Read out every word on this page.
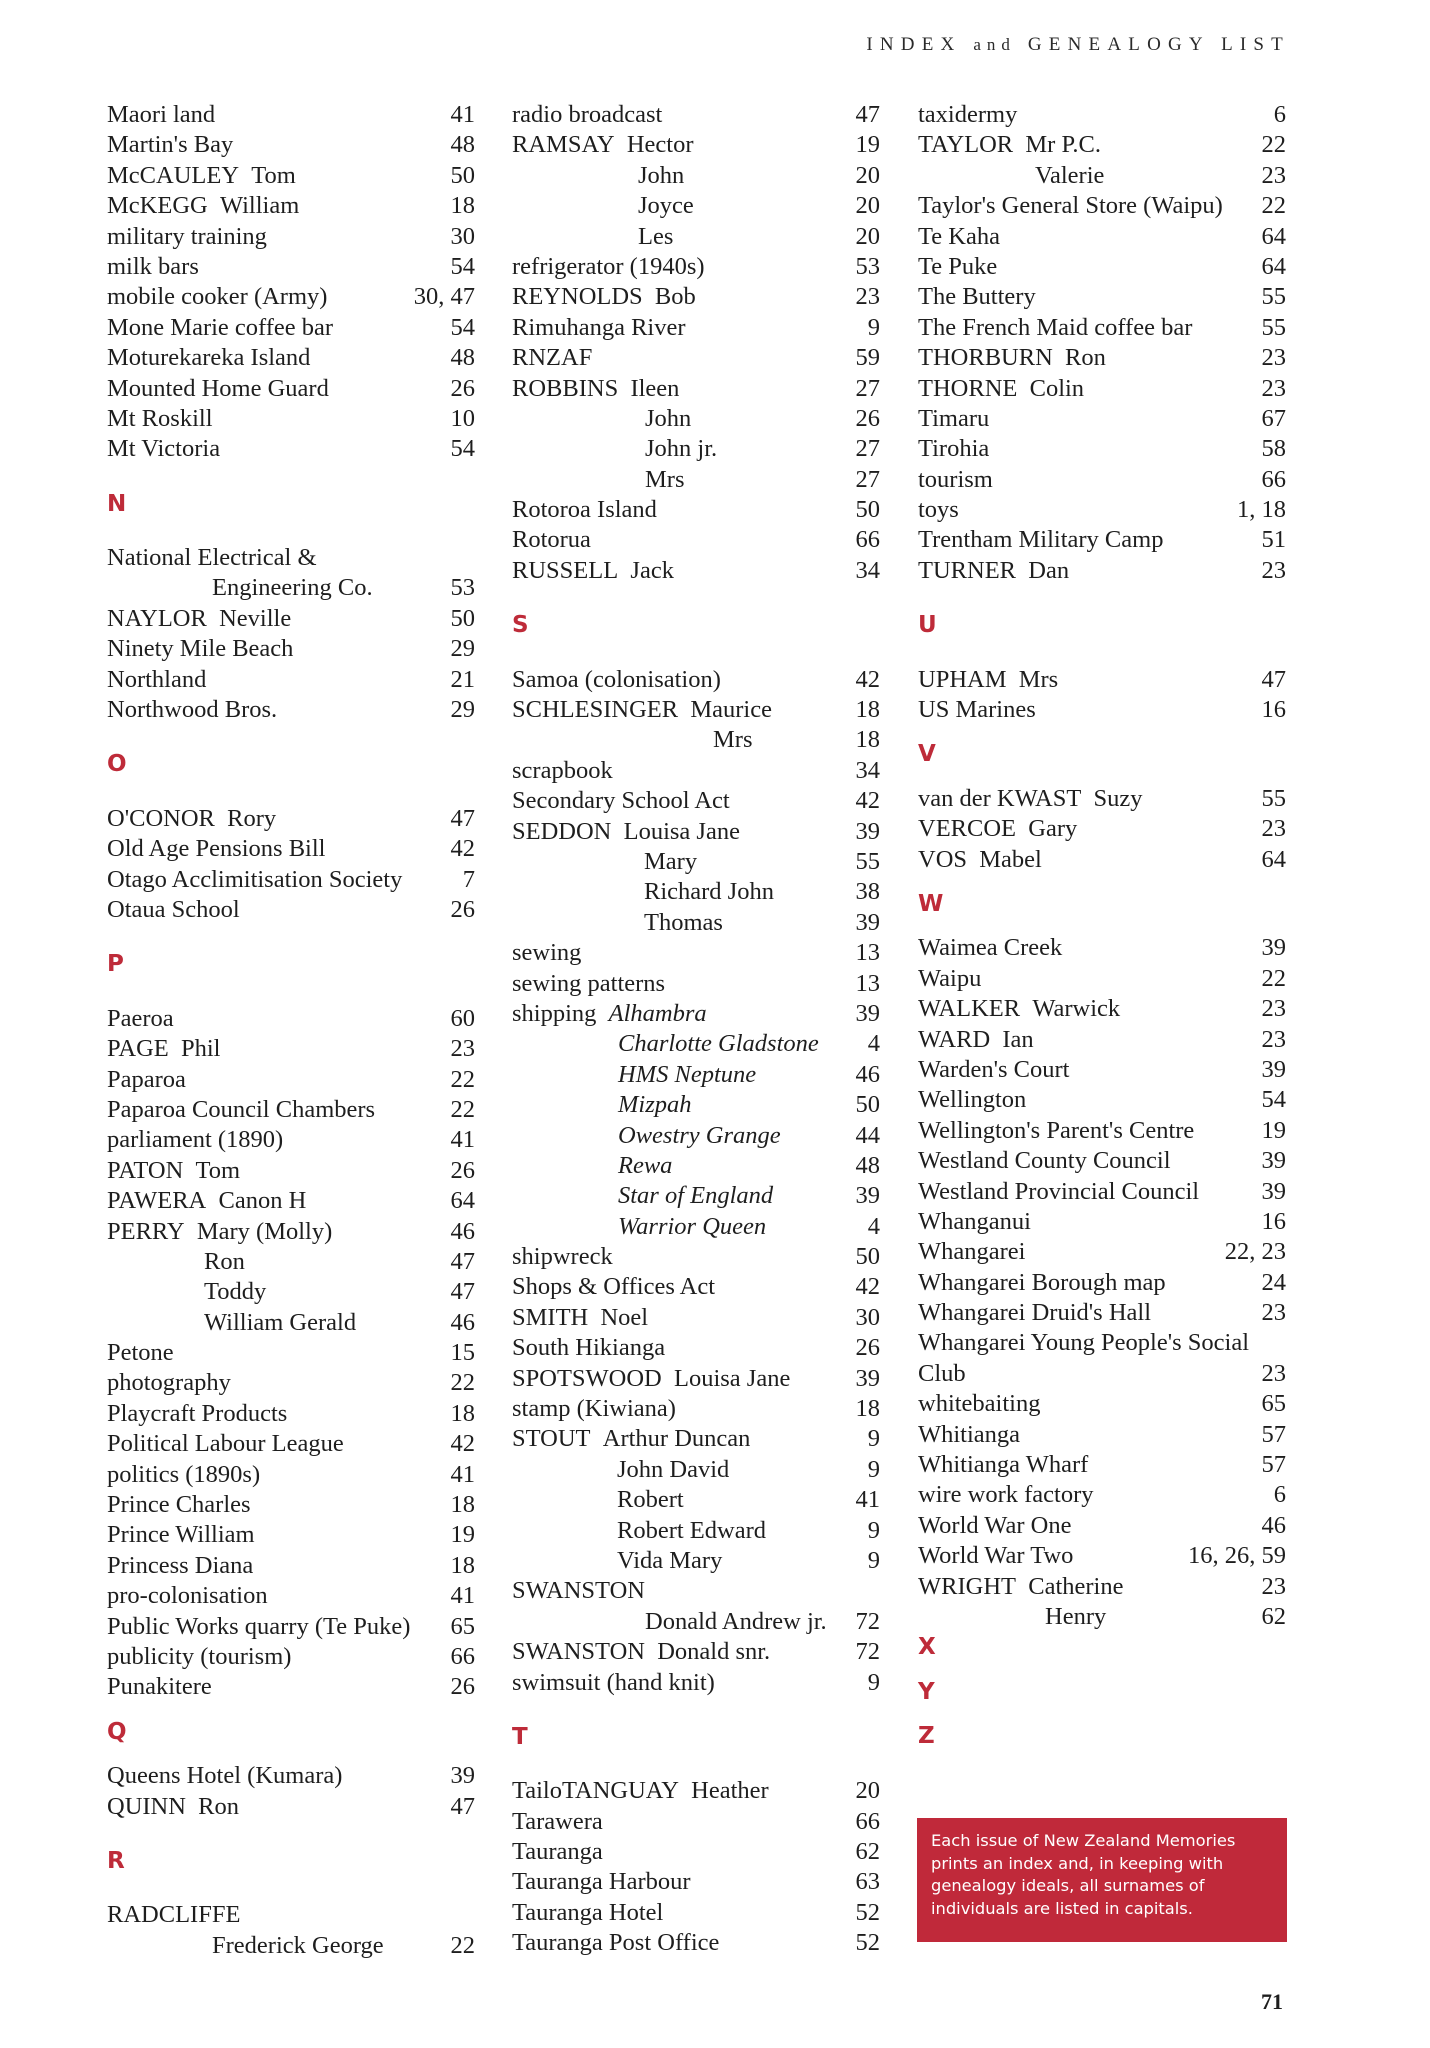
INDEX and GENEALOGY LIST
Maori land	41
Martin's Bay	48
McCAULEY  Tom	50
McKEGG  William	18
military training	30
milk bars	54
mobile cooker (Army)	30, 47
Mone Marie coffee bar	54
Moturekareka Island	48
Mounted Home Guard	26
Mt Roskill	10
Mt Victoria	54
N
National Electrical &
Engineering Co.	53
NAYLOR  Neville	50
Ninety Mile Beach	29
Northland	21
Northwood Bros.	29
O
O'CONOR  Rory	47
Old Age Pensions Bill	42
Otago Acclimitisation Society 7
Otaua School	26
P
Paeroa	60
PAGE  Phil	23
Paparoa	22
Paparoa Council Chambers	22
parliament (1890)	41
PATON  Tom	26
PAWERA  Canon H	64
PERRY  Mary (Molly)	46
Ron	47
Toddy	47
William Gerald	46
Petone	15
photography	22
Playcraft Products	18
Political Labour League	42
politics (1890s)	41
Prince Charles	18
Prince William	19
Princess Diana	18
pro-colonisation	41
Public Works quarry (Te Puke) 65
publicity (tourism)	66
Punakitere	26
Q
Queens Hotel (Kumara)	39
QUINN  Ron	47
R
RADCLIFFE
Frederick George	22
radio broadcast	47
RAMSAY  Hector	19
John	20
Joyce	20
Les	20
refrigerator (1940s)	53
REYNOLDS  Bob	23
Rimuhanga River	9
RNZAF	59
ROBBINS  Ileen	27
John	26
John jr.	27
Mrs	27
Rotoroa Island	50
Rotorua	66
RUSSELL  Jack	34
S
Samoa (colonisation)	42
SCHLESINGER  Maurice	18
Mrs	18
scrapbook	34
Secondary School Act	42
SEDDON  Louisa Jane	39
Mary	55
Richard John	38
Thomas	39
sewing	13
sewing patterns	13
shipping Alhambra	39
Charlotte Gladstone 4
HMS Neptune	46
Mizpah	50
Owestry Grange	44
Rewa	48
Star of England	39
Warrior Queen	4
shipwreck	50
Shops & Offices Act	42
SMITH  Noel	30
South Hikianga	26
SPOTSWOOD  Louisa Jane	39
stamp (Kiwiana)	18
STOUT  Arthur Duncan	9
John David	9
Robert	41
Robert Edward	9
Vida Mary	9
SWANSTON
Donald Andrew jr. 72
SWANSTON  Donald snr.	72
swimsuit (hand knit)	9
T
TailoTANGUAY  Heather	20
Tarawera	66
Tauranga	62
Tauranga Harbour	63
Tauranga Hotel	52
Tauranga Post Office	52
taxidermy	6
TAYLOR  Mr P.C.	22
Valerie	23
Taylor's General Store (Waipu) 22
Te Kaha	64
Te Puke	64
The Buttery	55
The French Maid coffee bar	55
THORBURN  Ron	23
THORNE  Colin	23
Timaru	67
Tirohia	58
tourism	66
toys	1, 18
Trentham Military Camp	51
TURNER  Dan	23
U
UPHAM  Mrs	47
US Marines	16
V
van der KWAST  Suzy	55
VERCOE  Gary	23
VOS  Mabel	64
W
Waimea Creek	39
Waipu	22
WALKER  Warwick	23
WARD  Ian	23
Warden's Court	39
Wellington	54
Wellington's Parent's Centre	19
Westland County Council	39
Westland Provincial Council	39
Whanganui	16
Whangarei	22, 23
Whangarei Borough map	24
Whangarei Druid's Hall	23
Whangarei Young People's Social
Club	23
whitebaiting	65
Whitianga	57
Whitianga Wharf	57
wire work factory	6
World War One	46
World War Two	16, 26, 59
WRIGHT  Catherine	23
Henry	62
X
Y
Z
Each issue of New Zealand Memories prints an index and, in keeping with genealogy ideals, all surnames of individuals are listed in capitals.
71
